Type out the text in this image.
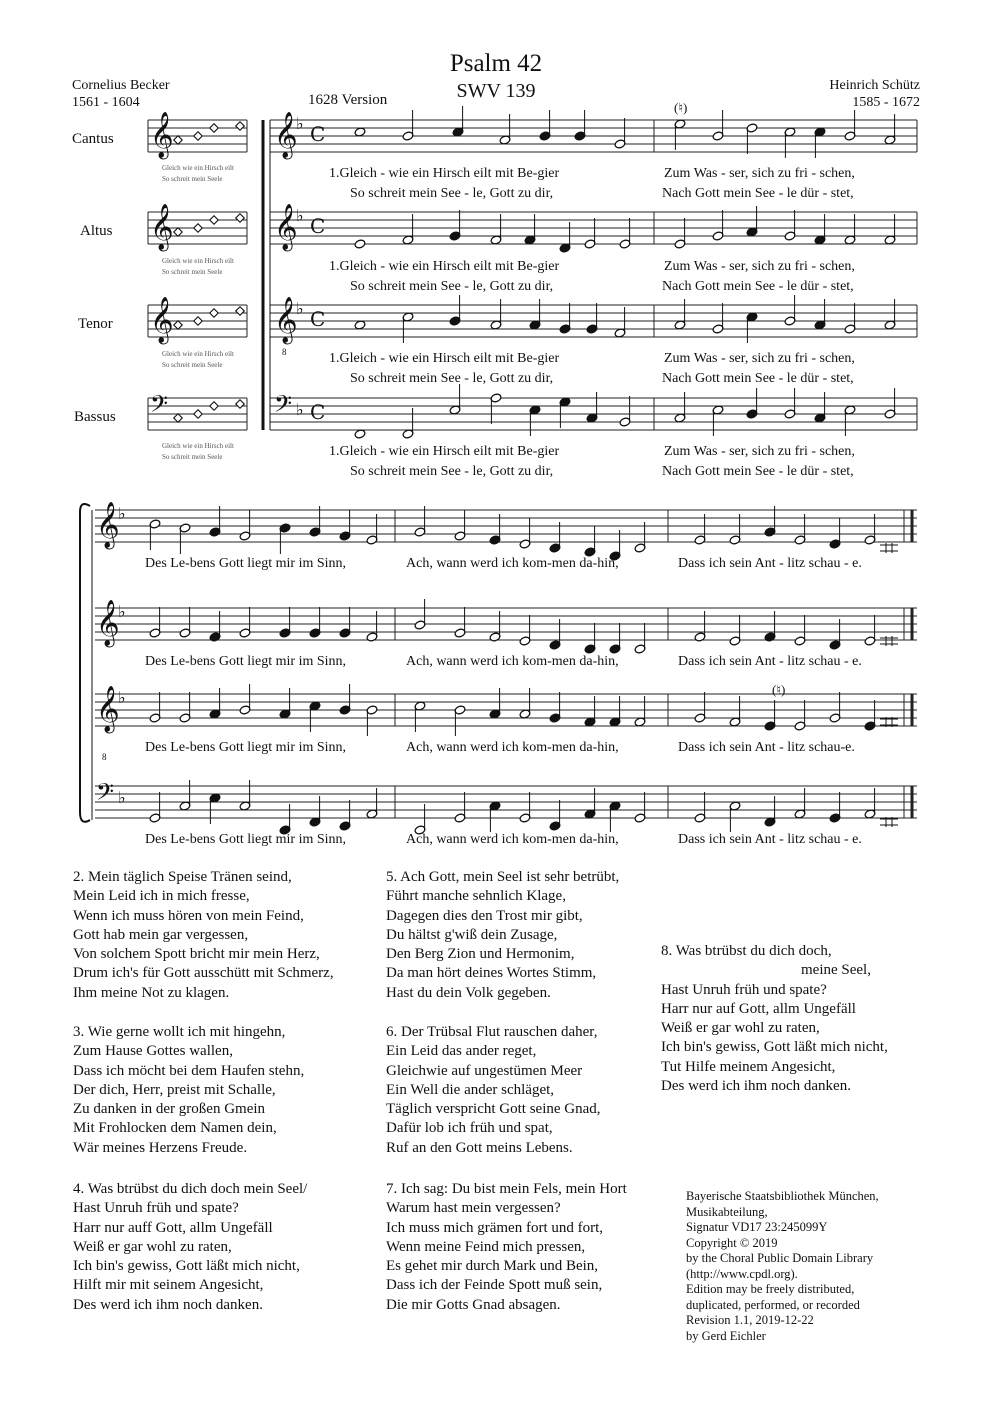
Psalm 42
SWV 139
Cornelius Becker
1561 - 1604	1628 Version
Heinrich Schütz
1585 - 1672
Cantus
Altus
Tenor
Bassus
Gleich wie ein Hirsch eilt
So schreit mein Seele
Gleich wie ein Hirsch eilt
So schreit mein Seele
Gleich wie ein Hirsch eilt
So schreit mein Seele
Gleich wie ein Hirsch eilt
So schreit mein Seele
𝄞
♭ C
𝄞
𝄞
♭ C
𝄞
𝄞
♭ C
𝄞
𝄢 ♭ C
𝄢
8
8
𝄞
♭
𝄞
♭
𝄞
♭
𝄢 ♭
(♮)
(♮)
1.Gleich - wie ein Hirsch eilt mit Be-gier
So schreit mein See - le, Gott zu dir,
Zum Was - ser, sich zu fri - schen,
Nach Gott mein See - le dür - stet,
1.Gleich - wie ein Hirsch eilt mit Be-gier
So schreit mein See - le, Gott zu dir,
Zum Was - ser, sich zu fri - schen,
Nach Gott mein See - le dür - stet,
1.Gleich - wie ein Hirsch eilt mit Be-gier
So schreit mein See - le, Gott zu dir,
Zum Was - ser, sich zu fri - schen,
Nach Gott mein See - le dür - stet,
1.Gleich - wie ein Hirsch eilt mit Be-gier
So schreit mein See - le, Gott zu dir,
Zum Was - ser, sich zu fri - schen,
Nach Gott mein See - le dür - stet,
Des Le-bens Gott liegt mir im Sinn,	Ach, wann werd ich kom-men da-hin,	Dass ich sein Ant - litz schau - e.
Des Le-bens Gott liegt mir im Sinn,	Ach, wann werd ich kom-men da-hin,	Dass ich sein Ant - litz schau - e.
Des Le-bens Gott liegt mir im Sinn,	Ach, wann werd ich kom-men da-hin,	Dass ich sein Ant - litz schau-e.
Des Le-bens Gott liegt mir im Sinn,	Ach, wann werd ich kom-men da-hin,	Dass ich sein Ant - litz schau - e.
2. Mein täglich Speise Tränen seind,
Mein Leid ich in mich fresse,
Wenn ich muss hören von mein Feind,
Gott hab mein gar vergessen,
Von solchem Spott bricht mir mein Herz,
Drum ich's für Gott ausschütt mit Schmerz,
Ihm meine Not zu klagen.
3. Wie gerne wollt ich mit hingehn,
Zum Hause Gottes wallen,
Dass ich möcht bei dem Haufen stehn,
Der dich, Herr, preist mit Schalle,
Zu danken in der großen Gmein
Mit Frohlocken dem Namen dein,
Wär meines Herzens Freude.
4. Was btrübst du dich doch mein Seel/
Hast Unruh früh und spate?
Harr nur auff Gott, allm Ungefäll
Weiß er gar wohl zu raten,
Ich bin's gewiss, Gott läßt mich nicht,
Hilft mir mit seinem Angesicht,
Des werd ich ihm noch danken.
5. Ach Gott, mein Seel ist sehr betrübt,
Führt manche sehnlich Klage,
Dagegen dies den Trost mir gibt,
Du hältst g'wiß dein Zusage,
Den Berg Zion und Hermonim,
Da man hört deines Wortes Stimm,
Hast du dein Volk gegeben.
6. Der Trübsal Flut rauschen daher,
Ein Leid das ander reget,
Gleichwie auf ungestümen Meer
Ein Well die ander schläget,
Täglich verspricht Gott seine Gnad,
Dafür lob ich früh und spat,
Ruf an den Gott meins Lebens.
7. Ich sag: Du bist mein Fels, mein Hort
Warum hast mein vergessen?
Ich muss mich grämen fort und fort,
Wenn meine Feind mich pressen,
Es gehet mir durch Mark und Bein,
Dass ich der Feinde Spott muß sein,
Die mir Gotts Gnad absagen.
8. Was btrübst du dich doch,
meine Seel,
Hast Unruh früh und spate?
Harr nur auf Gott, allm Ungefäll
Weiß er gar wohl zu raten,
Ich bin's gewiss, Gott läßt mich nicht,
Tut Hilfe meinem Angesicht,
Des werd ich ihm noch danken.
Bayerische Staatsbibliothek München,
Musikabteilung,
Signatur VD17 23:245099Y
Copyright © 2019
by the Choral Public Domain Library
(http://www.cpdl.org).
Edition may be freely distributed,
duplicated, performed, or recorded
Revision 1.1, 2019-12-22
by Gerd Eichler
